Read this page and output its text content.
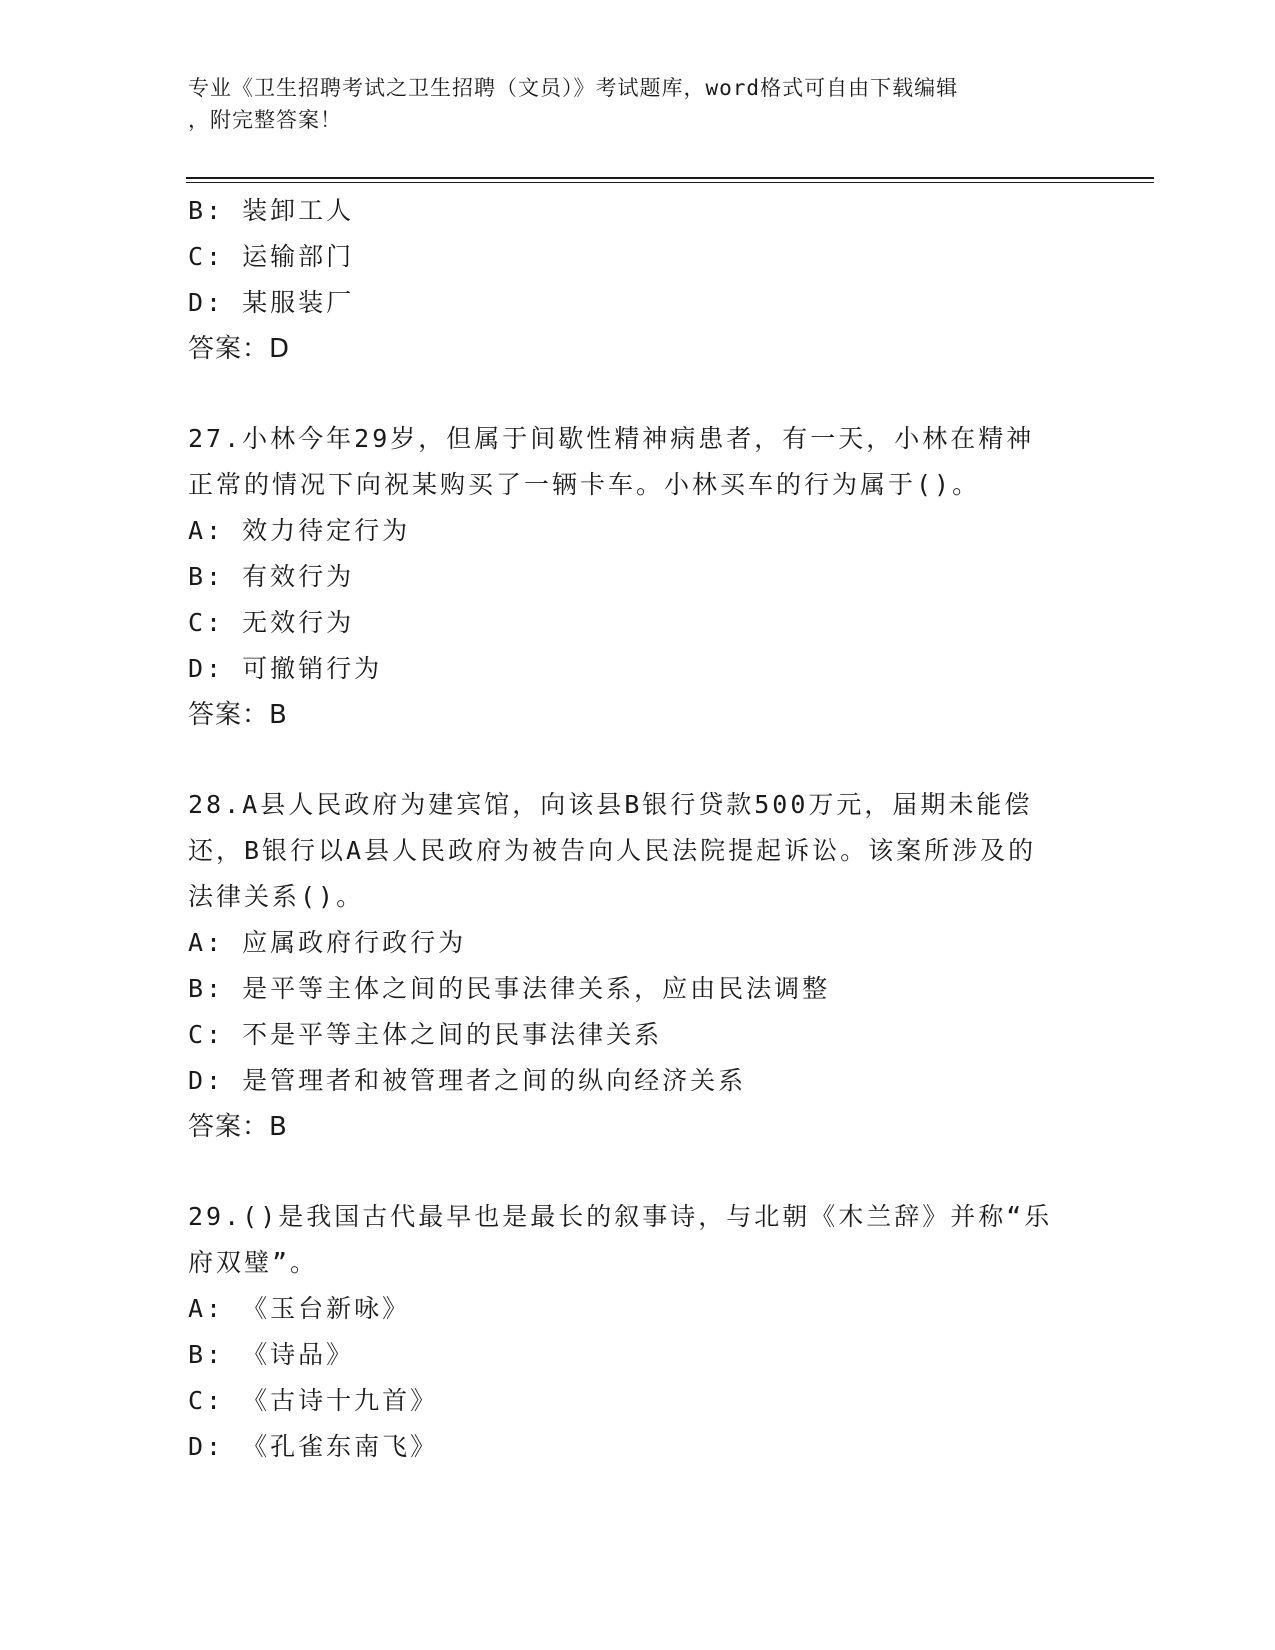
专业《卫生招聘考试之卫生招聘（文员）》考试题库，word格式可自由下载编辑
，附完整答案！
B: 装卸工人
C: 运输部门
D: 某服装厂
答案：D
27.小林今年29岁，但属于间歇性精神病患者，有一天，小林在精神
正常的情况下向祝某购买了一辆卡车。小林买车的行为属于()。
A: 效力待定行为
B: 有效行为
C: 无效行为
D: 可撤销行为
答案：B
28.A县人民政府为建宾馆，向该县B银行贷款500万元，届期未能偿
还，B银行以A县人民政府为被告向人民法院提起诉讼。该案所涉及的
法律关系()。
A: 应属政府行政行为
B: 是平等主体之间的民事法律关系，应由民法调整
C: 不是平等主体之间的民事法律关系
D: 是管理者和被管理者之间的纵向经济关系
答案：B
29.()是我国古代最早也是最长的叙事诗，与北朝《木兰辞》并称“乐
府双璧”。
A: 《玉台新咏》
B: 《诗品》
C: 《古诗十九首》
D: 《孔雀东南飞》
